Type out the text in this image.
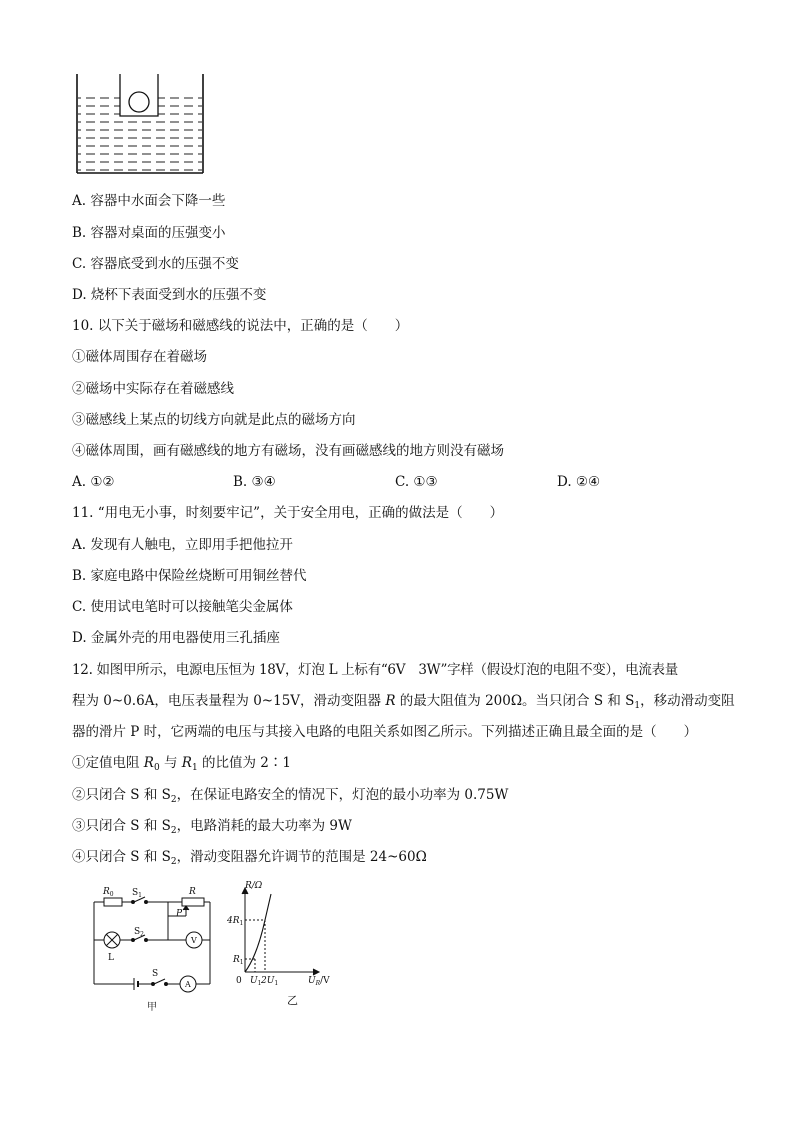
A. 容器中水面会下降一些
B. 容器对桌面的压强变小
C. 容器底受到水的压强不变
D. 烧杯下表面受到水的压强不变
10. 以下关于磁场和磁感线的说法中，正确的是（　　）
①磁体周围存在着磁场
②磁场中实际存在着磁感线
③磁感线上某点的切线方向就是此点的磁场方向
④磁体周围，画有磁感线的地方有磁场，没有画磁感线的地方则没有磁场
A. ①②	B. ③④	C. ①③	D. ②④
11. “用电无小事，时刻要牢记”，关于安全用电，正确的做法是（　　）
A. 发现有人触电，立即用手把他拉开
B. 家庭电路中保险丝烧断可用铜丝替代
C. 使用试电笔时可以接触笔尖金属体
D. 金属外壳的用电器使用三孔插座
12. 如图甲所示，电源电压恒为 18V，灯泡 L 上标有“6V　3W”字样（假设灯泡的电阻不变），电流表量
程为 0~0.6A，电压表量程为 0~15V，滑动变阻器 R 的最大阻值为 200Ω。当只闭合 S 和 $S_1$，移动滑动变阻
器的滑片 P 时，它两端的电压与其接入电路的电阻关系如图乙所示。下列描述正确且最全面的是（　　）
①定值电阻 $R_0$ 与 $R_1$ 的比值为 2∶1
②只闭合 S 和 $S_2$，在保证电路安全的情况下，灯泡的最小功率为 0.75W
③只闭合 S 和 $S_2$，电路消耗的最大功率为 9W
④只闭合 S 和 $S_2$，滑动变阻器允许调节的范围是 24~60Ω
$R_0$ $S_1$	R
P
$S_2$
V
L
S
A
甲
R/Ω
$4R_1$
$R_1$
0 $U_1$ $2U_1$	$U_R/V$
乙
